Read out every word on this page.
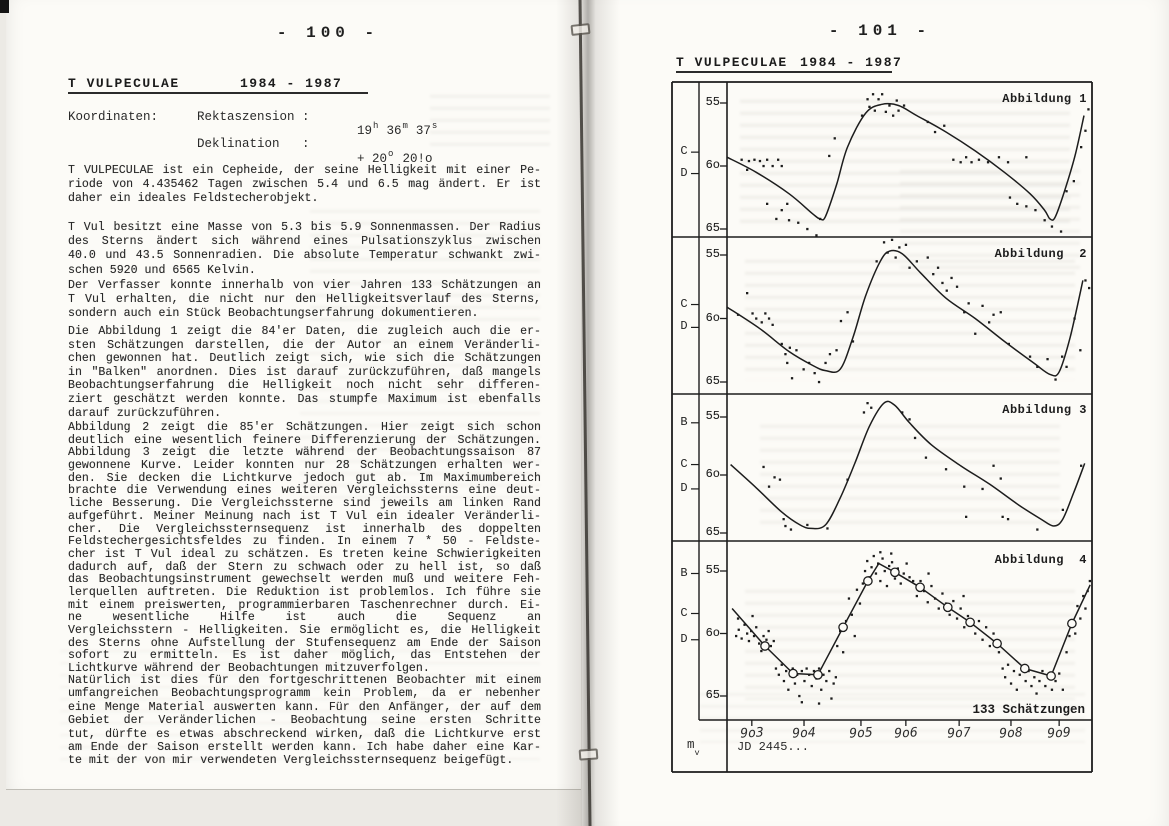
- 100 -
T VULPECULAE	1984 - 1987
Koordinaten:	Rektaszension :

19$^h$ 36$^m$ 37$^s$

Deklination   :

+ $20^o$ 20!o

T VULPECULAE ist ein Cepheide, der seine Helligkeit mit einer Pe-
riode von 4.435462 Tagen zwischen 5.4 und 6.5 mag ändert. Er ist
daher ein ideales Feldstecherobjekt.
T Vul besitzt eine Masse von 5.3 bis 5.9 Sonnenmassen. Der Radius
des Sterns ändert sich während eines Pulsationszyklus zwischen
40.0 und 43.5 Sonnenradien. Die absolute Temperatur schwankt zwi-
schen 5920 und 6565 Kelvin.
Der Verfasser konnte innerhalb von vier Jahren 133 Schätzungen an
T Vul erhalten, die nicht nur den Helligkeitsverlauf des Sterns,
sondern auch ein Stück Beobachtungserfahrung dokumentieren.
Die Abbildung 1 zeigt die 84'er Daten, die zugleich auch die er-
sten Schätzungen darstellen, die der Autor an einem Veränderli-
chen gewonnen hat. Deutlich zeigt sich, wie sich die Schätzungen
in "Balken" anordnen. Dies ist darauf zurückzuführen, daß mangels
Beobachtungserfahrung die Helligkeit noch nicht sehr differen-
ziert geschätzt werden konnte. Das stumpfe Maximum ist ebenfalls
darauf zurückzuführen.
Abbildung 2 zeigt die 85'er Schätzungen. Hier zeigt sich schon
deutlich eine wesentlich feinere Differenzierung der Schätzungen.
Abbildung 3 zeigt die letzte während der Beobachtungssaison 87
gewonnene Kurve. Leider konnten nur 28 Schätzungen erhalten wer-
den. Sie decken die Lichtkurve jedoch gut ab. Im Maximumbereich
brachte die Verwendung eines weiteren Vergleichssterns eine deut-
liche Besserung. Die Vergleichssterne sind jeweils am linken Rand
aufgeführt. Meiner Meinung nach ist T Vul ein idealer Veränderli-
cher. Die Vergleichssternsequenz ist innerhalb des doppelten
Feldstechergesichtsfeldes zu finden. In einem 7 * 50 - Feldste-
cher ist T Vul ideal zu schätzen. Es treten keine Schwierigkeiten
dadurch auf, daß der Stern zu schwach oder zu hell ist, so daß
das Beobachtungsinstrument gewechselt werden muß und weitere Feh-
lerquellen auftreten. Die Reduktion ist problemlos. Ich führe sie
mit einem preiswerten, programmierbaren Taschenrechner durch. Ei-
ne wesentliche Hilfe ist auch die Sequenz an
Vergleichsstern - Helligkeiten. Sie ermöglicht es, die Helligkeit
des Sterns ohne Aufstellung der Stufensequenz am Ende der Saison
sofort zu ermitteln. Es ist daher möglich, das Entstehen der
Lichtkurve während der Beobachtungen mitzuverfolgen.
Natürlich ist dies für den fortgeschrittenen Beobachter mit einem
umfangreichen Beobachtungsprogramm kein Problem, da er nebenher
eine Menge Material auswerten kann. Für den Anfänger, der auf dem
Gebiet der Veränderlichen - Beobachtung seine ersten Schritte
tut, dürfte es etwas abschreckend wirken, daß die Lichtkurve erst
am Ende der Saison erstellt werden kann. Ich habe daher eine Kar-
te mit der von mir verwendeten Vergleichssternsequenz beigefügt.
- 101 -
T VULPECULAE 1984 - 1987
55
6o
65
C
D
Abbildung 1
55
6o
65
C
D
Abbildung  2
55
6o
65
B
C
D
Abbildung 3
55
6o
65
B
C
D
9o3	9o4	9o5	9o6	9o7	9o8	9o9
Abbildung  4
$m_v$	JD 2445...
133 Schätzungen
